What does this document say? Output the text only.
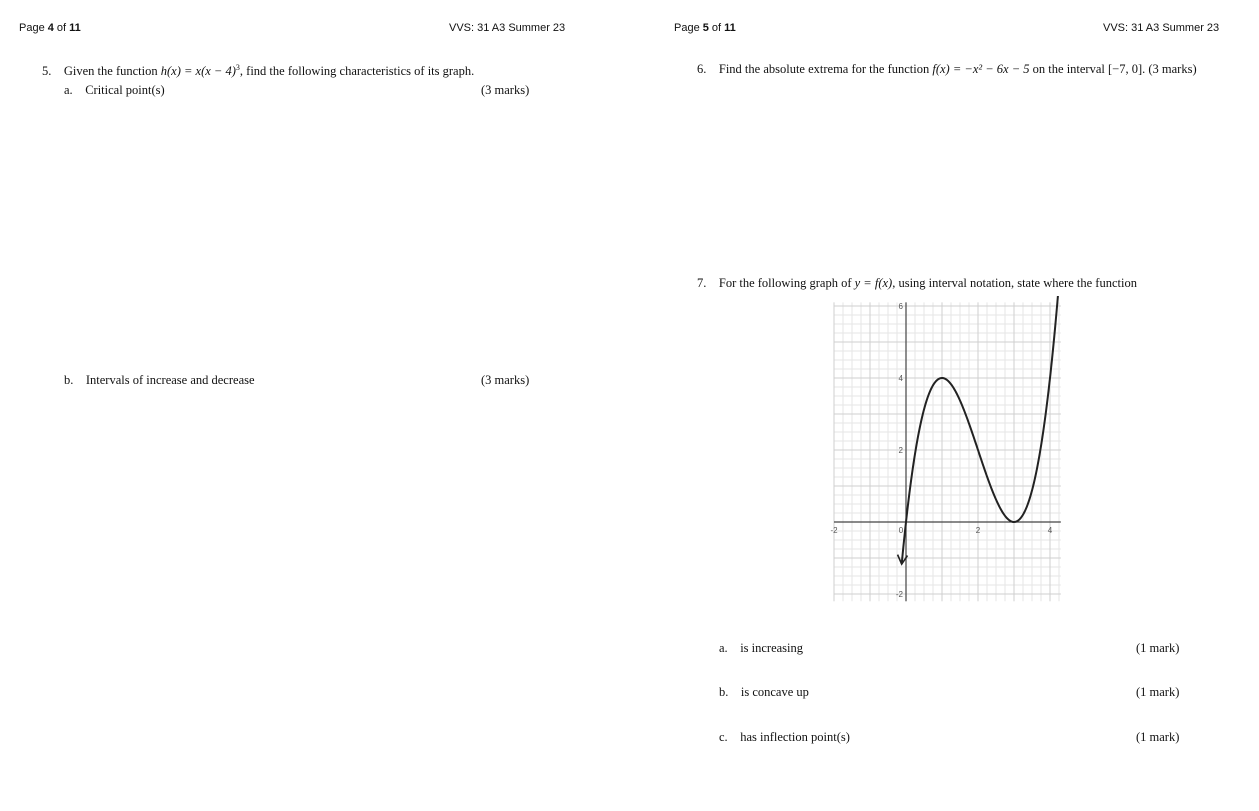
Page 4 of 11	VVS: 31 A3 Summer 23
5. Given the function $h(x) = x(x - 4)^3$, find the following characteristics of its graph.
a. Critical point(s)	(3 marks)
b. Intervals of increase and decrease	(3 marks)
Page 5 of 11	VVS: 31 A3 Summer 23
6. Find the absolute extrema for the function f(x) = −x² − 6x − 5 on the interval [−7, 0]. (3 marks)
7. For the following graph of y = f(x), using interval notation, state where the function
-2	0	2	4
6
4
2
-2
a. is increasing	(1 mark)
b. is concave up	(1 mark)
c. has inflection point(s)	(1 mark)
